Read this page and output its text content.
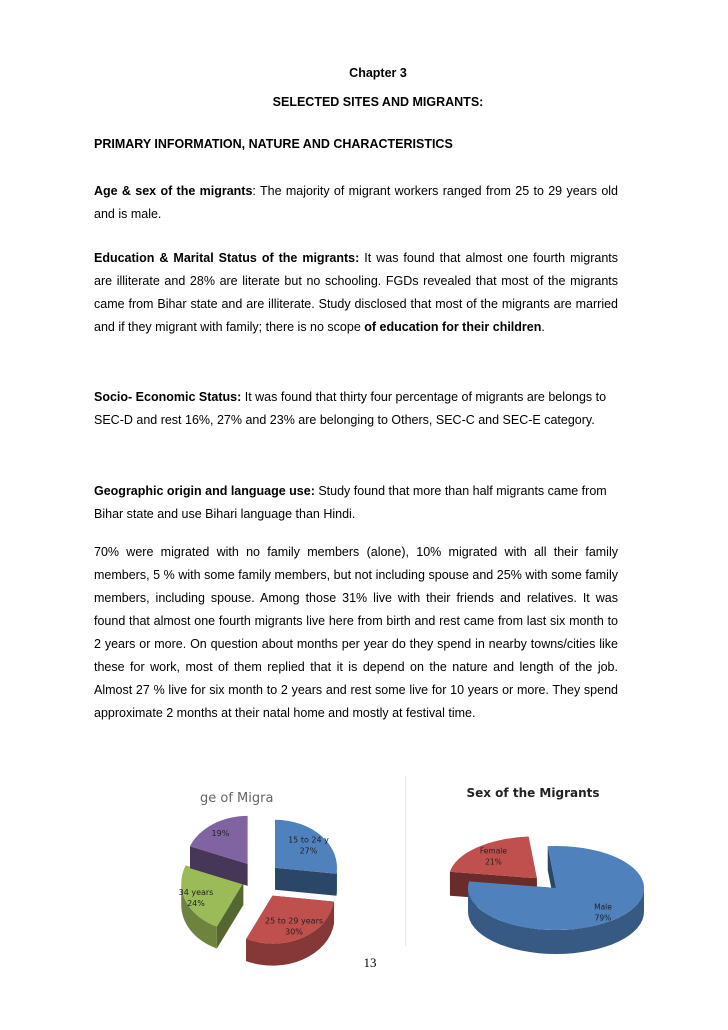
Chapter 3
SELECTED SITES AND MIGRANTS:
PRIMARY INFORMATION, NATURE AND CHARACTERISTICS

Age & sex of the migrants: The majority of migrant workers ranged from 25 to 29 years old and is male.

Education & Marital Status of the migrants: It was found that almost one fourth migrants are illiterate and 28% are literate but no schooling. FGDs revealed that most of the migrants came from Bihar state and are illiterate. Study disclosed that most of the migrants are married and if they migrant with family; there is no scope of education for their children.

Socio- Economic Status: It was found that thirty four percentage of migrants are belongs to SEC-D and rest 16%, 27% and 23% are belonging to Others, SEC-C and SEC-E category.

Geographic origin and language use: Study found that more than half migrants came from Bihar state and use Bihari language than Hindi.

70% were migrated with no family members (alone), 10% migrated with all their family members, 5 % with some family members, but not including spouse and 25% with some family members, including spouse. Among those 31% live with their friends and relatives. It was found that almost one fourth migrants live here from birth and rest came from last six month to 2 years or more. On question about months per year do they spend in nearby towns/cities like these for work, most of them replied that it is depend on the nature and length of the job. Almost 27 % live for six month to 2 years and rest some live for 10 years or more. They spend approximate 2 months at their natal home and mostly at festival time.

ge of Migra
15 to 24 y
27%
25 to 29 years
30%
34 years
24%
19%
Sex of the Migrants
Female
21%
Male
79%
13
